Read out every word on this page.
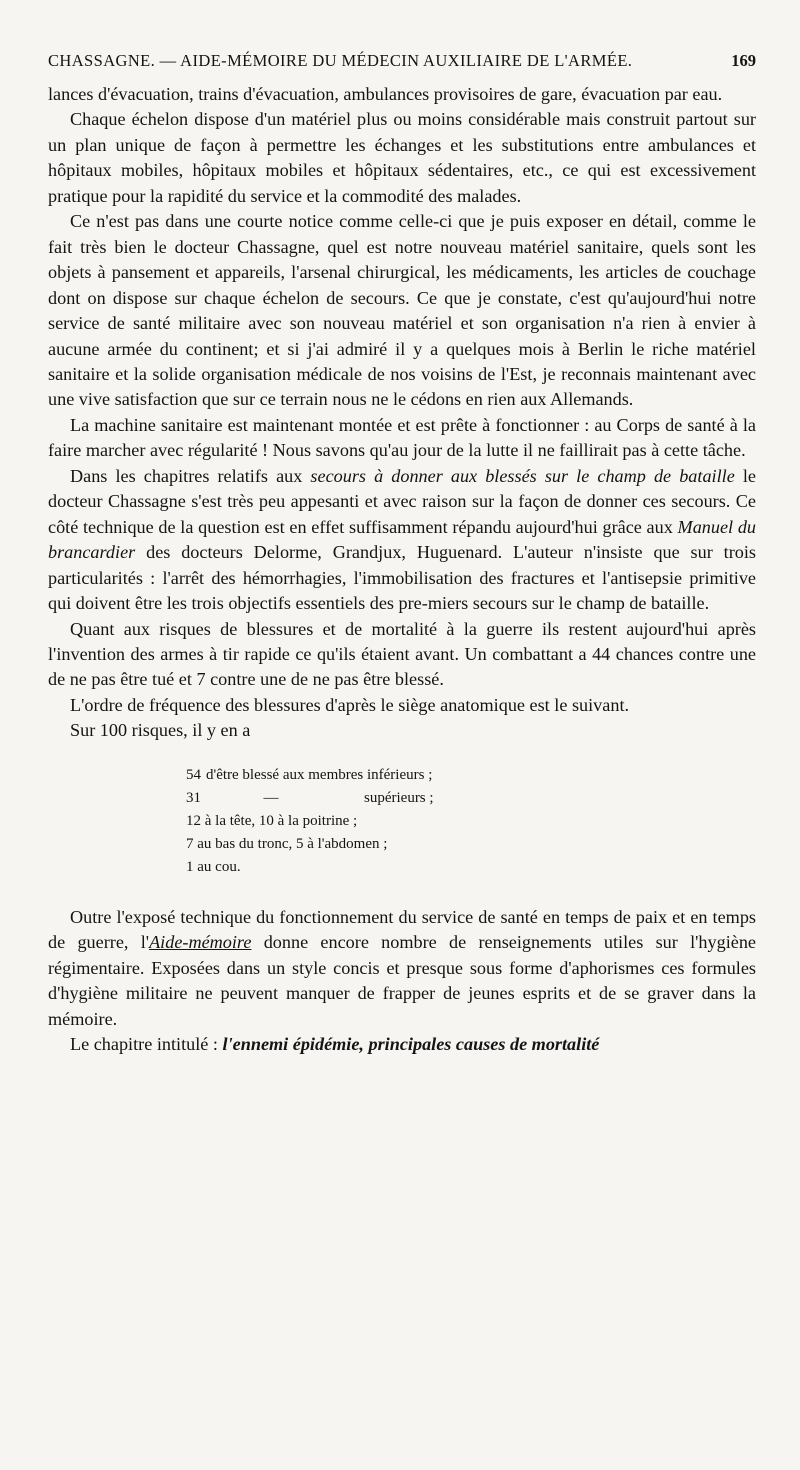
CHASSAGNE. — AIDE-MÉMOIRE DU MÉDECIN AUXILIAIRE DE L'ARMÉE.	169

lances d'évacuation, trains d'évacuation, ambulances provisoires de gare, évacuation par eau.

Chaque échelon dispose d'un matériel plus ou moins considérable mais construit partout sur un plan unique de façon à permettre les échanges et les substitutions entre ambulances et hôpitaux mobiles, hôpitaux mobiles et hôpitaux sédentaires, etc., ce qui est excessivement pratique pour la rapidité du service et la commodité des malades.

Ce n'est pas dans une courte notice comme celle-ci que je puis exposer en détail, comme le fait très bien le docteur Chassagne, quel est notre nouveau matériel sanitaire, quels sont les objets à pansement et appareils, l'arsenal chirurgical, les médicaments, les articles de couchage dont on dispose sur chaque échelon de secours. Ce que je constate, c'est qu'aujourd'hui notre service de santé militaire avec son nouveau matériel et son organisation n'a rien à envier à aucune armée du continent; et si j'ai admiré il y a quelques mois à Berlin le riche matériel sanitaire et la solide organisation médicale de nos voisins de l'Est, je reconnais maintenant avec une vive satisfaction que sur ce terrain nous ne le cédons en rien aux Allemands.

La machine sanitaire est maintenant montée et est prête à fonctionner : au Corps de santé à la faire marcher avec régularité ! Nous savons qu'au jour de la lutte il ne faillirait pas à cette tâche.

Dans les chapitres relatifs aux secours à donner aux blessés sur le champ de bataille le docteur Chassagne s'est très peu appesanti et avec raison sur la façon de donner ces secours. Ce côté technique de la question est en effet suffisamment répandu aujourd'hui grâce aux Manuel du brancardier des docteurs Delorme, Grandjux, Huguenard. L'auteur n'insiste que sur trois particularités : l'arrêt des hémorrhagies, l'immobilisation des fractures et l'antisepsie primitive qui doivent être les trois objectifs essentiels des pre-miers secours sur le champ de bataille.

Quant aux risques de blessures et de mortalité à la guerre ils restent aujourd'hui après l'invention des armes à tir rapide ce qu'ils étaient avant. Un combattant a 44 chances contre une de ne pas être tué et 7 contre une de ne pas être blessé.

L'ordre de fréquence des blessures d'après le siège anatomique est le suivant.

Sur 100 risques, il y en a

54 d'être blessé aux membres inférieurs ;
31	—	supérieurs ;
12 à la tête, 10 à la poitrine ;
7 au bas du tronc, 5 à l'abdomen ;
1 au cou.

Outre l'exposé technique du fonctionnement du service de santé en temps de paix et en temps de guerre, l'Aide-mémoire donne encore nombre de renseignements utiles sur l'hygiène régimentaire. Exposées dans un style concis et presque sous forme d'aphorismes ces formules d'hygiène militaire ne peuvent manquer de frapper de jeunes esprits et de se graver dans la mémoire.

Le chapitre intitulé : l'ennemi épidémie, principales causes de mortalité
